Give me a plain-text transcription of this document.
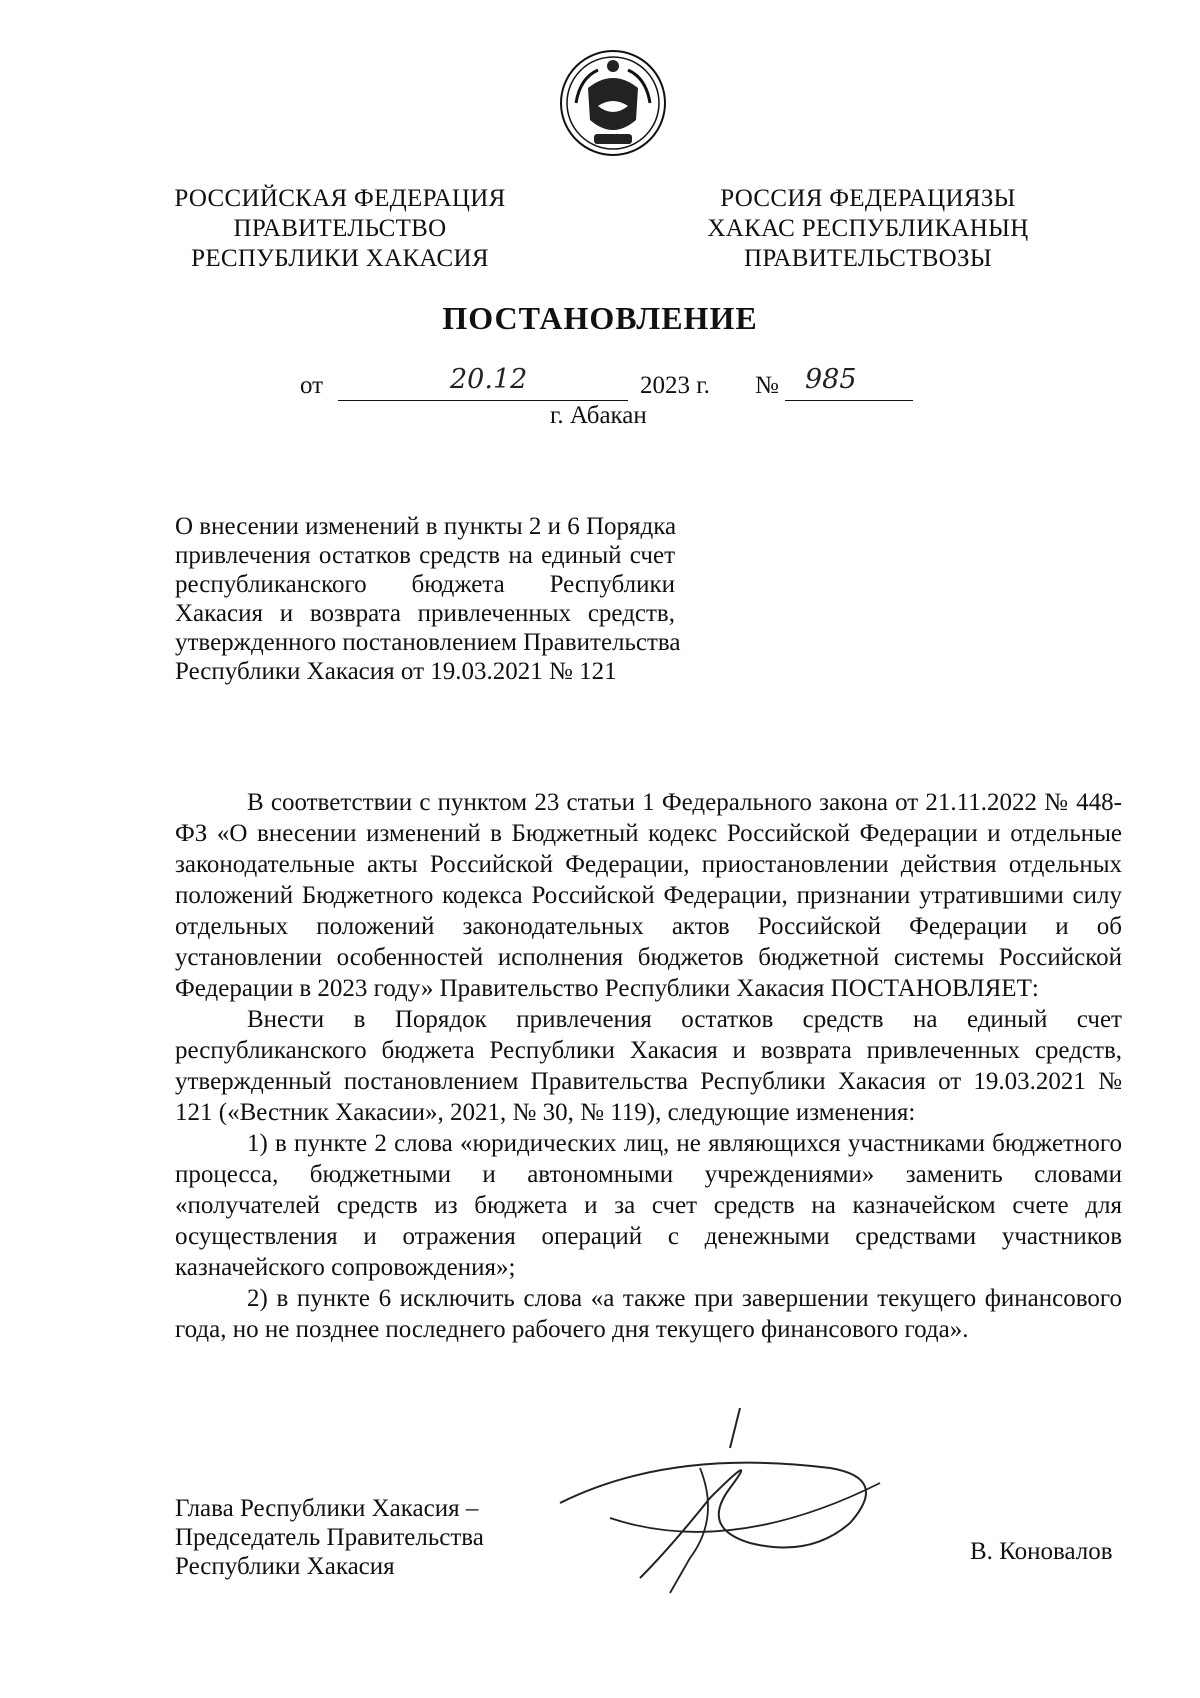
РОССИЙСКАЯ ФЕДЕРАЦИЯ
ПРАВИТЕЛЬСТВО
РЕСПУБЛИКИ ХАКАСИЯ
РОССИЯ ФЕДЕРАЦИЯЗЫ
ХАКАС РЕСПУБЛИКАНЫҢ
ПРАВИТЕЛЬСТВОЗЫ
ПОСТАНОВЛЕНИЕ
от	20.12	2023 г. № 985
г. Абакан
О внесении изменений в пункты 2 и 6 Порядка
привлечения остатков средств на единый счет
республиканского бюджета Республики
Хакасия и возврата привлеченных средств,
утвержденного постановлением Правительства
Республики Хакасия от 19.03.2021 № 121

В соответствии с пунктом 23 статьи 1 Федерального закона от 21.11.2022 № 448-ФЗ «О внесении изменений в Бюджетный кодекс Российской Федерации и отдельные законодательные акты Российской Федерации, приостановлении действия отдельных положений Бюджетного кодекса Российской Федерации, признании утратившими силу отдельных положений законодательных актов Российской Федерации и об установлении особенностей исполнения бюджетов бюджетной системы Российской Федерации в 2023 году» Правительство Республики Хакасия ПОСТАНОВЛЯЕТ:

Внести в Порядок привлечения остатков средств на единый счет республиканского бюджета Республики Хакасия и возврата привлеченных средств, утвержденный постановлением Правительства Республики Хакасия от 19.03.2021 № 121 («Вестник Хакасии», 2021, № 30, № 119), следующие изменения:

1) в пункте 2 слова «юридических лиц, не являющихся участниками бюджетного процесса, бюджетными и автономными учреждениями» заменить словами «получателей средств из бюджета и за счет средств на казначейском счете для осуществления и отражения операций с денежными средствами участников казначейского сопровождения»;

2) в пункте 6 исключить слова «а также при завершении текущего финансового года, но не позднее последнего рабочего дня текущего финансового года».

Глава Республики Хакасия –
Председатель Правительства
Республики Хакасия
В. Коновалов
